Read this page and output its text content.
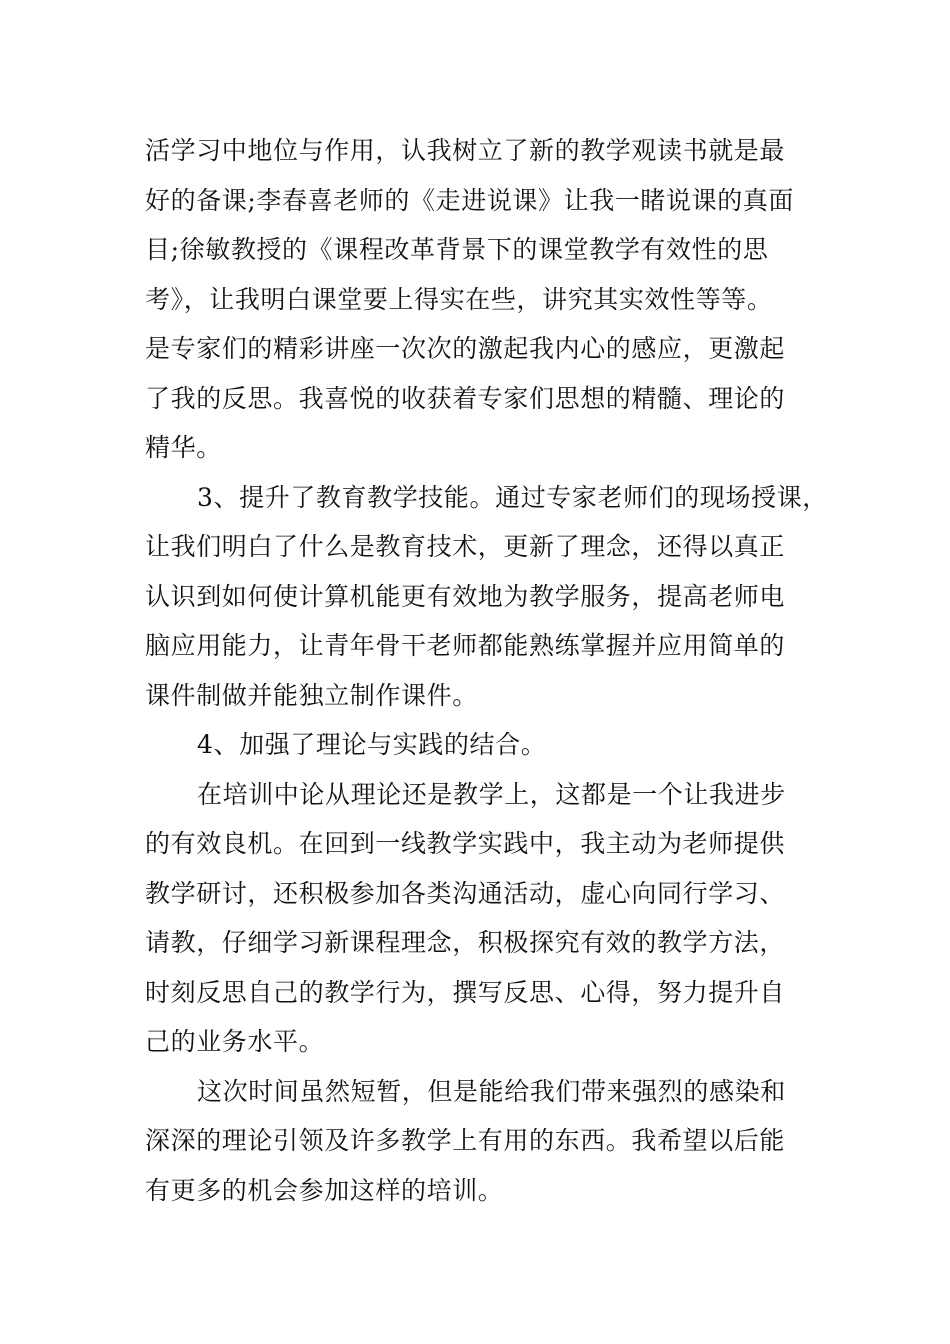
活学习中地位与作用，认我树立了新的教学观读书就是最
好的备课;李春喜老师的《走进说课》让我一睹说课的真面
目;徐敏教授的《课程改革背景下的课堂教学有效性的思
考》，让我明白课堂要上得实在些，讲究其实效性等等。
是专家们的精彩讲座一次次的激起我内心的感应，更激起
了我的反思。我喜悦的收获着专家们思想的精髓、理论的
精华。
3、提升了教育教学技能。通过专家老师们的现场授课，
让我们明白了什么是教育技术，更新了理念，还得以真正
认识到如何使计算机能更有效地为教学服务，提高老师电
脑应用能力，让青年骨干老师都能熟练掌握并应用简单的
课件制做并能独立制作课件。
4、加强了理论与实践的结合。
在培训中论从理论还是教学上，这都是一个让我进步
的有效良机。在回到一线教学实践中，我主动为老师提供
教学研讨，还积极参加各类沟通活动，虚心向同行学习、
请教，仔细学习新课程理念，积极探究有效的教学方法，
时刻反思自己的教学行为，撰写反思、心得，努力提升自
己的业务水平。
这次时间虽然短暂，但是能给我们带来强烈的感染和
深深的理论引领及许多教学上有用的东西。我希望以后能
有更多的机会参加这样的培训。
